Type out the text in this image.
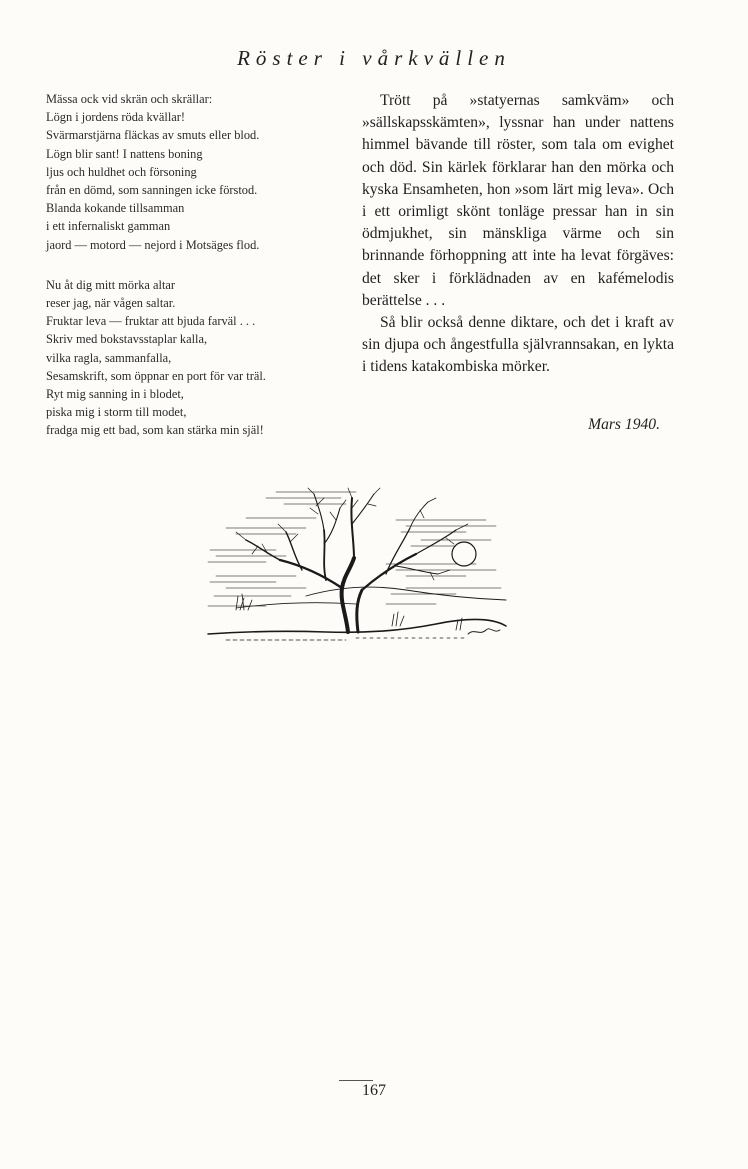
Röster i vårkvällen
Mässa ock vid skrän och skrällar:
Lögn i jordens röda kvällar!
Svärmarstjärna fläckas av smuts eller blod.
Lögn blir sant! I nattens boning
ljus och huldhet och försoning
från en dömd, som sanningen icke förstod.
Blanda kokande tillsamman
i ett infernaliskt gamman
jaord — motord — nejord i Motsäges flod.
Nu åt dig mitt mörka altar
reser jag, när vågen saltar.
Fruktar leva — fruktar att bjuda farväl . . .
Skriv med bokstavsstaplar kalla,
vilka ragla, sammanfalla,
Sesamskrift, som öppnar en port för var träl.
Ryt mig sanning in i blodet,
piska mig i storm till modet,
fradga mig ett bad, som kan stärka min själ!

Trött på »statyernas samkväm» och »sällskapsskämten», lyssnar han under nattens himmel bävande till röster, som tala om evighet och död. Sin kärlek förklarar han den mörka och kyska Ensamheten, hon »som lärt mig leva». Och i ett orimligt skönt tonläge pressar han in sin ödmjukhet, sin mänskliga värme och sin brinnande förhoppning att inte ha levat förgäves: det sker i förklädnaden av en kafémelodis berättelse . . .

Så blir också denne diktare, och det i kraft av sin djupa och ångestfulla självrannsakan, en lykta i tidens katakombiska mörker.

Mars 1940.
167
